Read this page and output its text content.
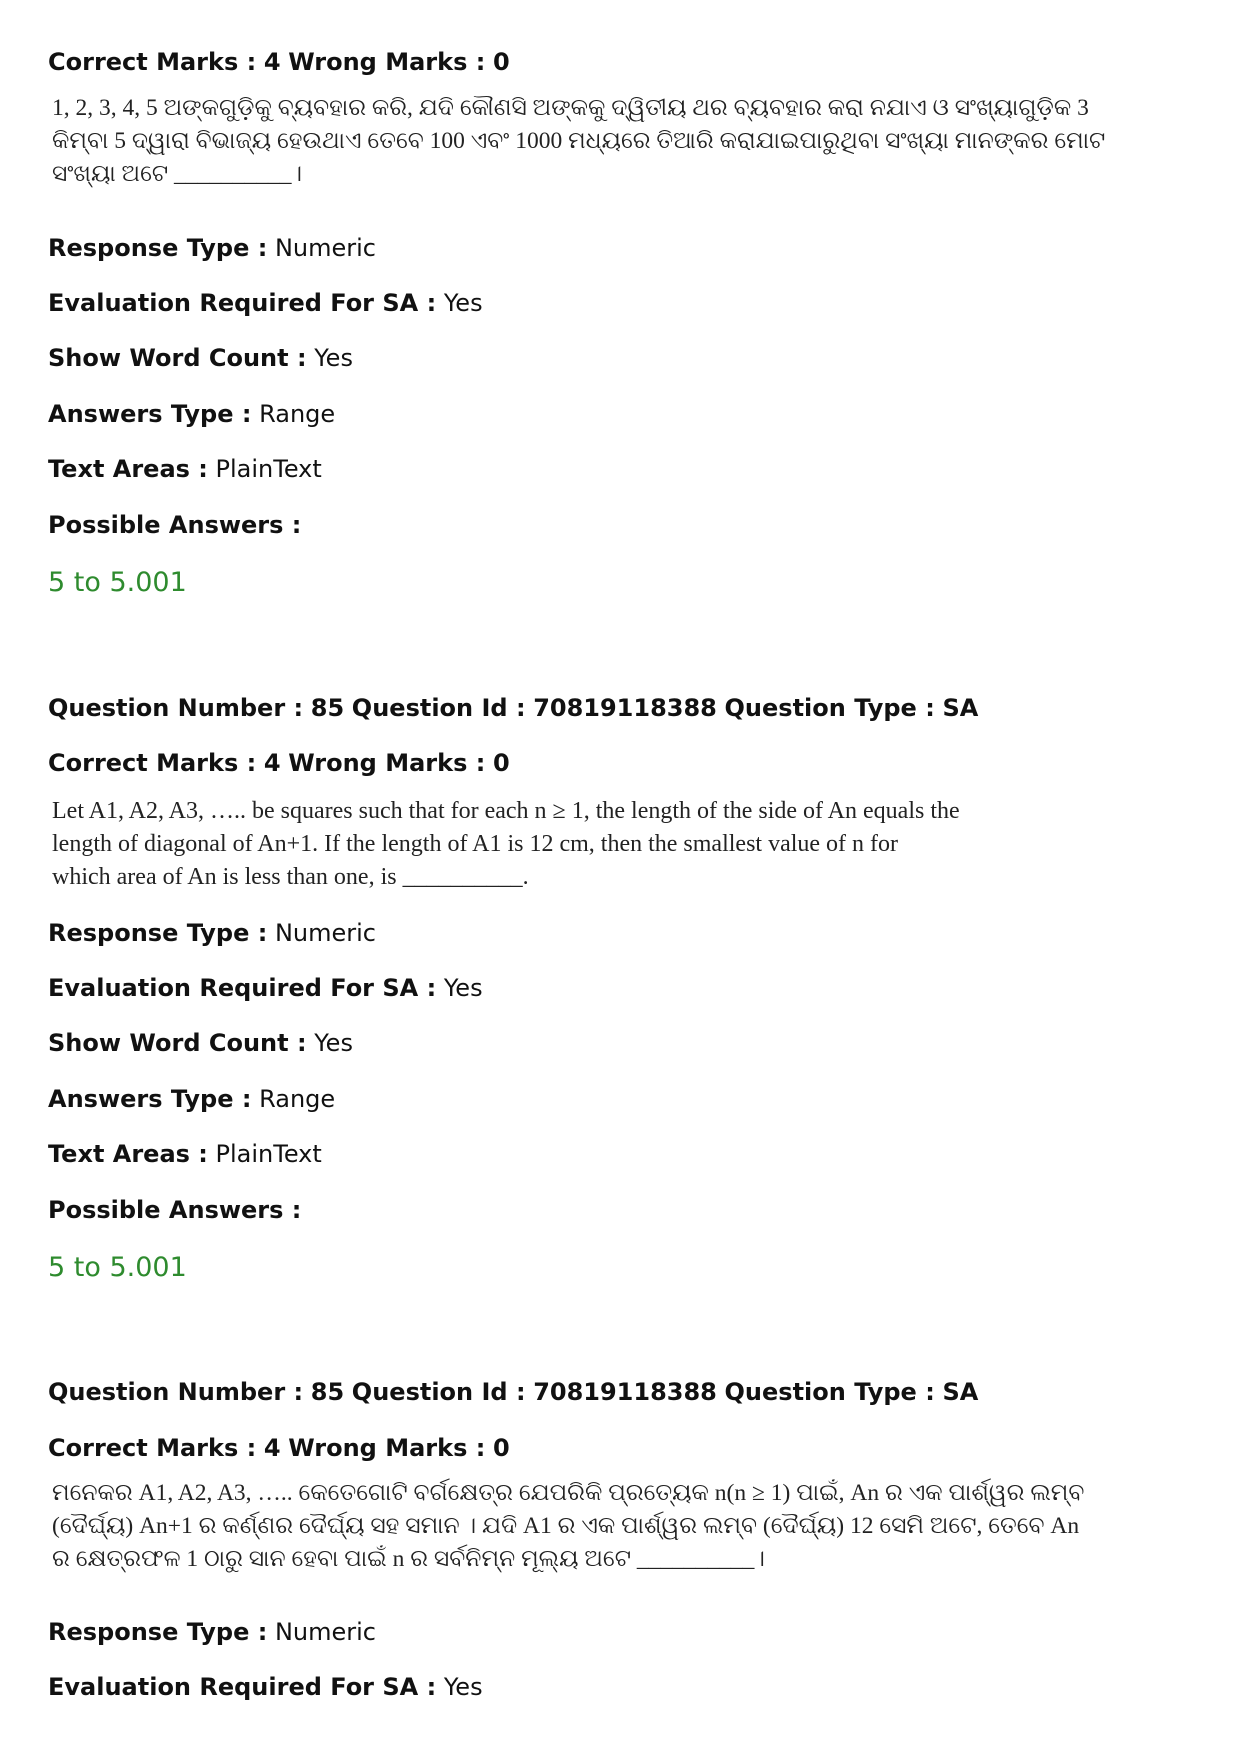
Correct Marks : 4 Wrong Marks : 0

1, 2, 3, 4, 5 ଅଙ୍କଗୁଡ଼ିକୁ ବ୍ୟବହାର କରି, ଯଦି କୌଣସି ଅଙ୍କକୁ ଦ୍ୱିତୀୟ ଥର ବ୍ୟବହାର କରା ନଯାଏ ଓ ସଂଖ୍ୟାଗୁଡ଼ିକ 3

କିମ୍ବା 5 ଦ୍ୱାରା ବିଭାଜ୍ୟ ହେଉଥାଏ ତେବେ 100 ଏବଂ 1000 ମଧ୍ୟରେ ତିଆରି କରାଯାଇପାରୁଥିବା ସଂଖ୍ୟା ମାନଙ୍କର ମୋଟ

ସଂଖ୍ୟା ଅଟେ __________।

Response Type : Numeric
Evaluation Required For SA : Yes
Show Word Count : Yes
Answers Type : Range
Text Areas : PlainText
Possible Answers :
5 to 5.001
Question Number : 85 Question Id : 70819118388 Question Type : SA
Correct Marks : 4 Wrong Marks : 0

Let A1, A2, A3, ….. be squares such that for each n ≥ 1, the length of the side of An equals the

length of diagonal of An+1. If the length of A1 is 12 cm, then the smallest value of n for

which area of An is less than one, is __________.

Response Type : Numeric
Evaluation Required For SA : Yes
Show Word Count : Yes
Answers Type : Range
Text Areas : PlainText
Possible Answers :
5 to 5.001
Question Number : 85 Question Id : 70819118388 Question Type : SA
Correct Marks : 4 Wrong Marks : 0

ମନେକର A1, A2, A3, ….. କେତେଗୋଟି ବର୍ଗକ୍ଷେତ୍ର ଯେପରିକି ପ୍ରତ୍ୟେକ n(n ≥ 1) ପାଇଁ, An ର ଏକ ପାର୍ଶ୍ୱର ଲମ୍ବ

(ଦୈର୍ଘ୍ୟ) An+1 ର କର୍ଣ୍ଣର ଦୈର୍ଘ୍ୟ ସହ ସମାନ । ଯଦି A1 ର ଏକ ପାର୍ଶ୍ୱର ଲମ୍ବ (ଦୈର୍ଘ୍ୟ) 12 ସେମି ଅଟେ, ତେବେ An

ର କ୍ଷେତ୍ରଫଳ 1 ଠାରୁ ସାନ ହେବା ପାଇଁ n ର ସର୍ବନିମ୍ନ ମୂଲ୍ୟ ଅଟେ __________।

Response Type : Numeric
Evaluation Required For SA : Yes
